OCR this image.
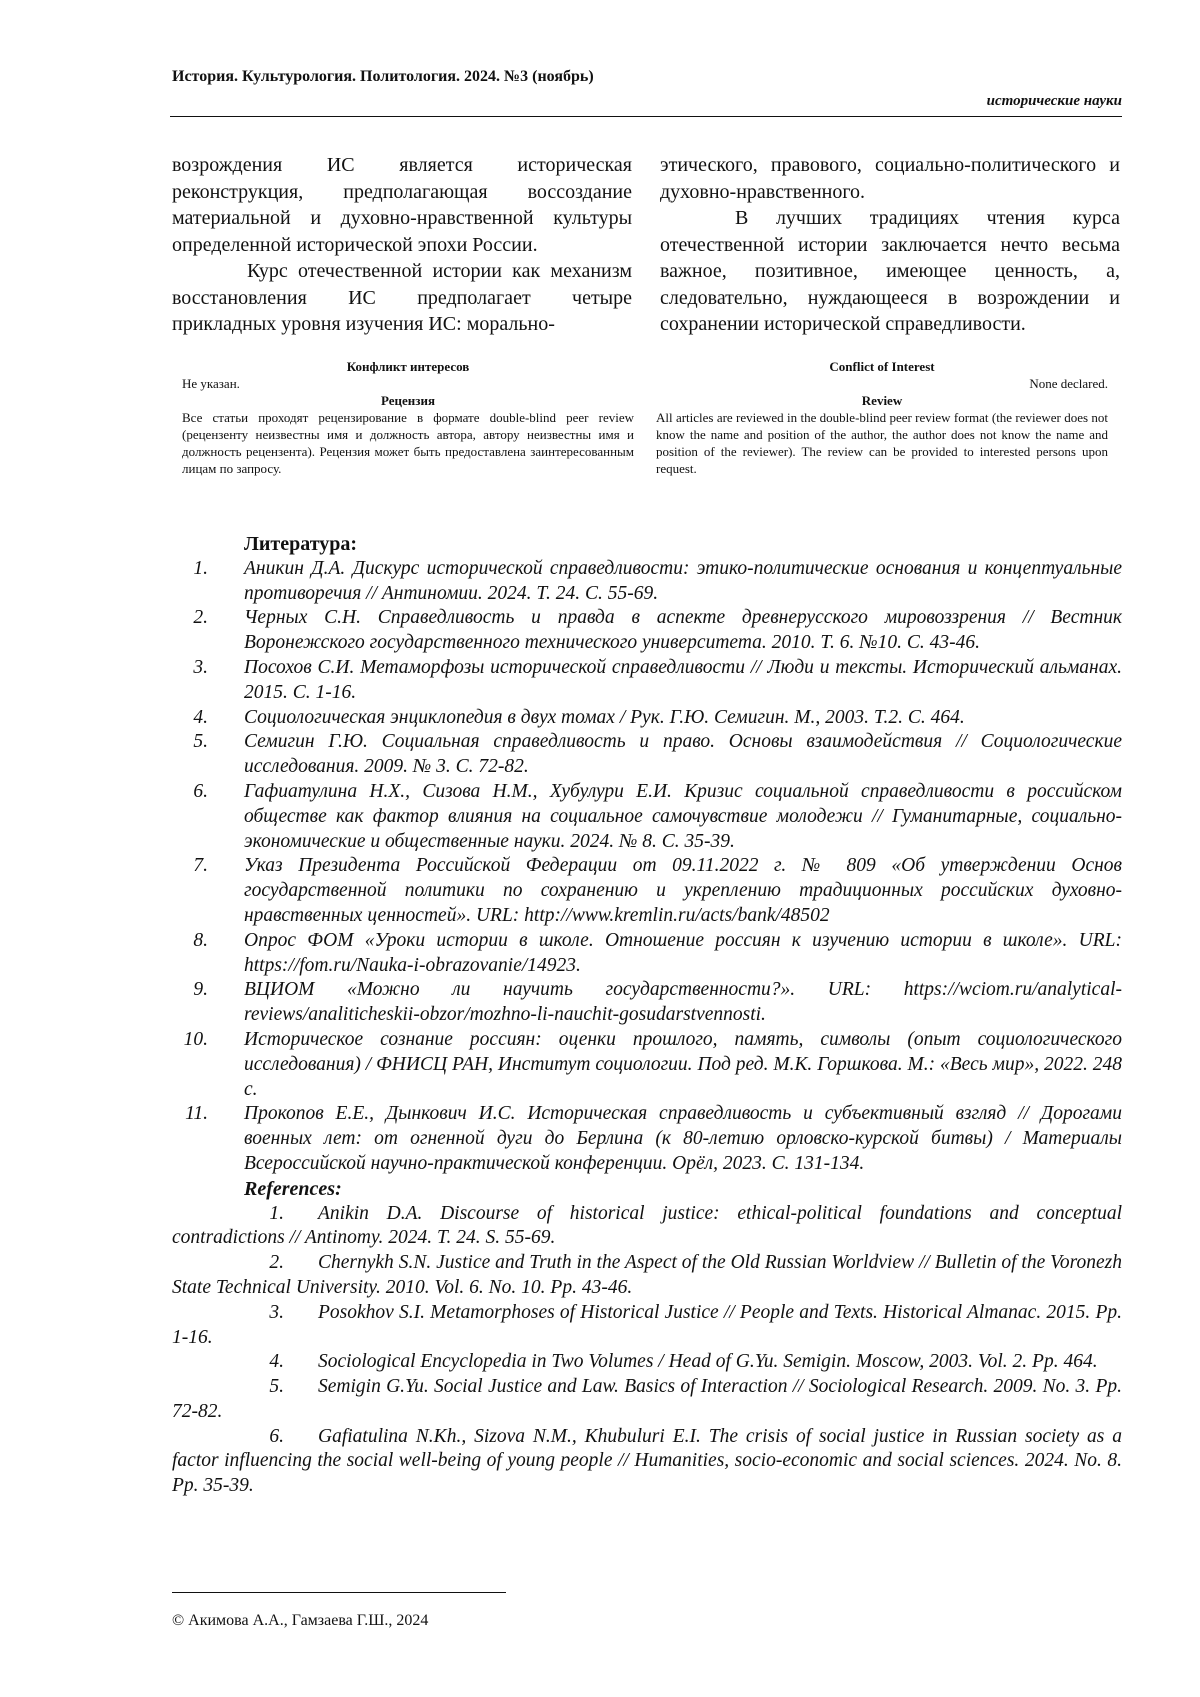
История. Культурология. Политология. 2024. №3 (ноябрь)
исторические науки

возрождения ИС является историческая реконструкция, предполагающая воссоздание материальной и духовно-нравственной культуры определенной исторической эпохи России.

Курс отечественной истории как механизм восстановления ИС предполагает четыре прикладных уровня изучения ИС: морально-

этического, правового, социально-политического и духовно-нравственного.

В лучших традициях чтения курса отечественной истории заключается нечто весьма важное, позитивное, имеющее ценность, а, следовательно, нуждающееся в возрождении и сохранении исторической справедливости.

Конфликт интересов
Не указан.
Рецензия
Все статьи проходят рецензирование в формате double-blind peer review (рецензенту неизвестны имя и должность автора, автору неизвестны имя и должность рецензента). Рецензия может быть предоставлена заинтересованным лицам по запросу.
Conflict of Interest
None declared.
Review
All articles are reviewed in the double-blind peer review format (the reviewer does not know the name and position of the author, the author does not know the name and position of the reviewer). The review can be provided to interested persons upon request.
Литература:
1. Аникин Д.А. Дискурс исторической справедливости: этико-политические основания и концептуальные противоречия // Антиномии. 2024. Т. 24. С. 55-69.
2. Черных С.Н. Справедливость и правда в аспекте древнерусского мировоззрения // Вестник Воронежского государственного технического университета. 2010. Т. 6. №10. С. 43-46.
3. Посохов С.И. Метаморфозы исторической справедливости // Люди и тексты. Исторический альманах. 2015. С. 1-16.
4. Социологическая энциклопедия в двух томах / Рук. Г.Ю. Семигин. М., 2003. Т.2. С. 464.
5. Семигин Г.Ю. Социальная справедливость и право. Основы взаимодействия // Социологические исследования. 2009. № 3. С. 72-82.
6. Гафиатулина Н.Х., Сизова Н.М., Хубулури Е.И. Кризис социальной справедливости в российском обществе как фактор влияния на социальное самочувствие молодежи // Гуманитарные, социально-экономические и общественные науки. 2024. № 8. С. 35-39.
7. Указ Президента Российской Федерации от 09.11.2022 г. № 809 «Об утверждении Основ государственной политики по сохранению и укреплению традиционных российских духовно-нравственных ценностей». URL: http://www.kremlin.ru/acts/bank/48502
8. Опрос ФОМ «Уроки истории в школе. Отношение россиян к изучению истории в школе». URL: https://fom.ru/Nauka-i-obrazovanie/14923.
9. ВЦИОМ «Можно ли научить государственности?». URL: https://wciom.ru/analytical-reviews/analiticheskii-obzor/mozhno-li-nauchit-gosudarstvennosti.
10. Историческое сознание россиян: оценки прошлого, память, символы (опыт социологического исследования) / ФНИСЦ РАН, Институт социологии. Под ред. М.К. Горшкова. М.: «Весь мир», 2022. 248 с.
11. Прокопов Е.Е., Дынкович И.С. Историческая справедливость и субъективный взгляд // Дорогами военных лет: от огненной дуги до Берлина (к 80-летию орловско-курской битвы) / Материалы Всероссийской научно-практической конференции. Орёл, 2023. С. 131-134.
References:
1. Anikin D.A. Discourse of historical justice: ethical-political foundations and conceptual contradictions // Antinomy. 2024. T. 24. S. 55-69.
2. Chernykh S.N. Justice and Truth in the Aspect of the Old Russian Worldview // Bulletin of the Voronezh State Technical University. 2010. Vol. 6. No. 10. Pp. 43-46.
3. Posokhov S.I. Metamorphoses of Historical Justice // People and Texts. Historical Almanac. 2015. Pp. 1-16.
4. Sociological Encyclopedia in Two Volumes / Head of G.Yu. Semigin. Moscow, 2003. Vol. 2. Pp. 464.
5. Semigin G.Yu. Social Justice and Law. Basics of Interaction // Sociological Research. 2009. No. 3. Pp. 72-82.
6. Gafiatulina N.Kh., Sizova N.M., Khubuluri E.I. The crisis of social justice in Russian society as a factor influencing the social well-being of young people // Humanities, socio-economic and social sciences. 2024. No. 8. Pp. 35-39.
© Акимова А.А., Гамзаева Г.Ш., 2024
